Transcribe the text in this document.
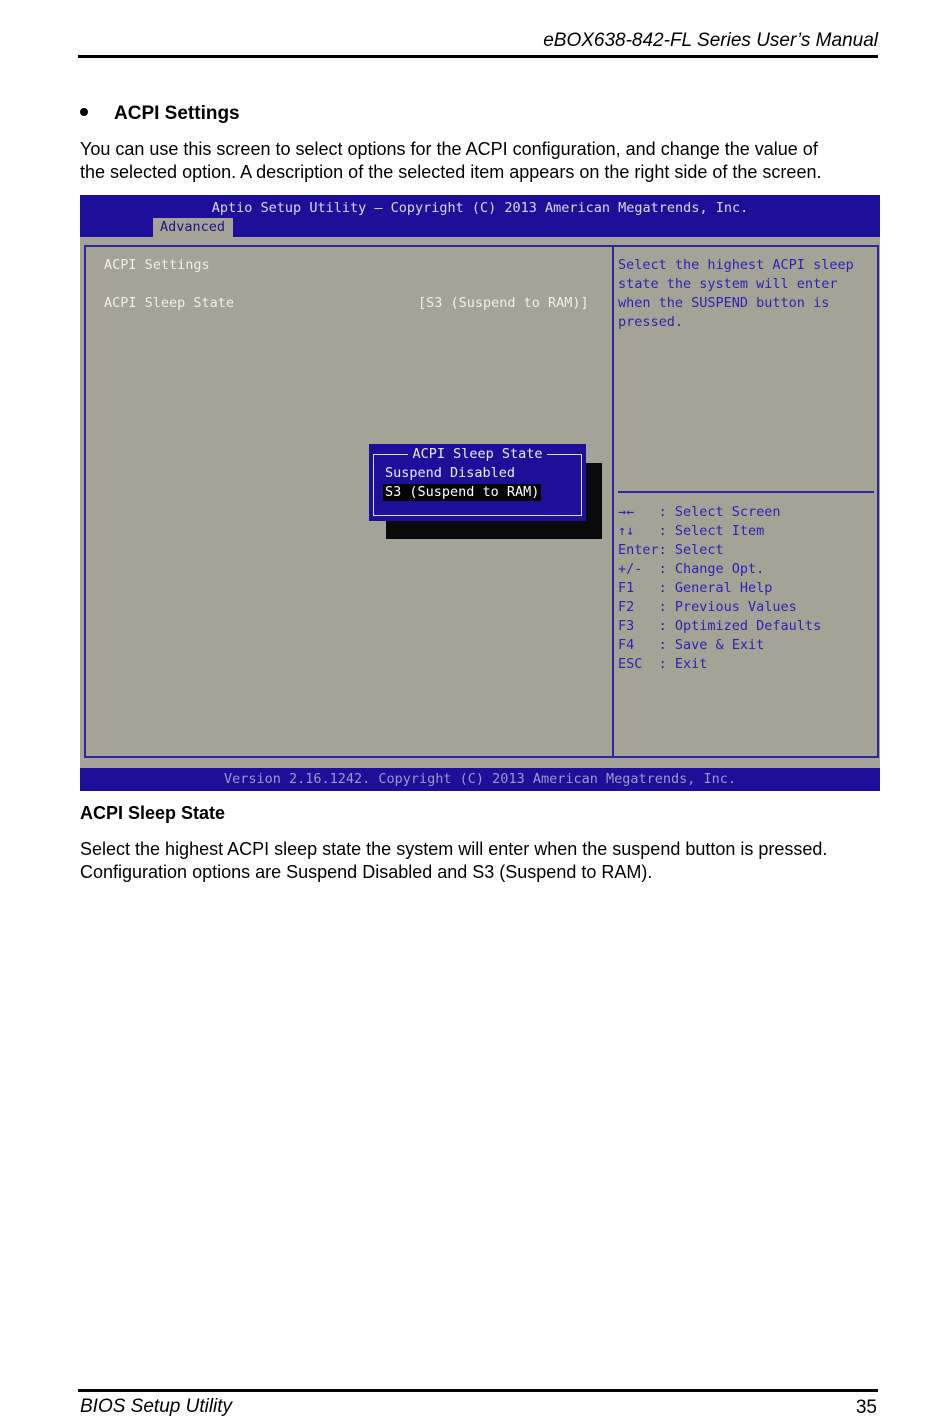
eBOX638-842-FL Series User’s Manual
ACPI Settings
You can use this screen to select options for the ACPI configuration, and change the value of
the selected option. A description of the selected item appears on the right side of the screen.
Aptio Setup Utility – Copyright (C) 2013 American Megatrends, Inc.
Advanced
ACPI Settings
ACPI Sleep State	[S3 (Suspend to RAM)]
Select the highest ACPI sleep
state the system will enter
when the SUSPEND button is
pressed.
→←   : Select Screen
↑↓   : Select Item
Enter: Select
+/-  : Change Opt.
F1   : General Help
F2   : Previous Values
F3   : Optimized Defaults
F4   : Save & Exit
ESC  : Exit
ACPI Sleep State
Suspend Disabled
S3 (Suspend to RAM)
Version 2.16.1242. Copyright (C) 2013 American Megatrends, Inc.
ACPI Sleep State
Select the highest ACPI sleep state the system will enter when the suspend button is pressed.
Configuration options are Suspend Disabled and S3 (Suspend to RAM).
BIOS Setup Utility	35
